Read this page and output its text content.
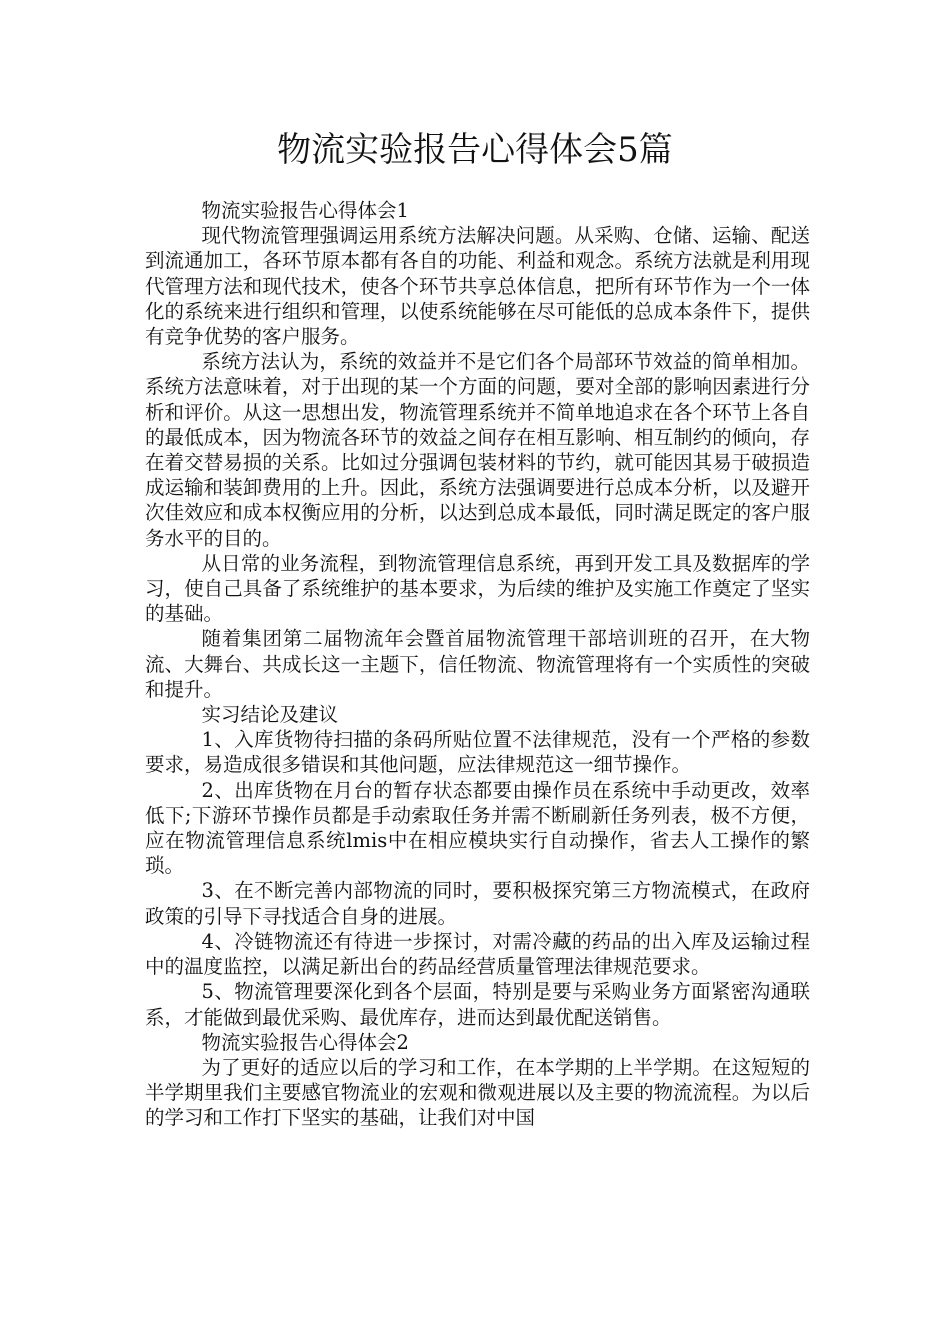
物流实验报告心得体会5篇

物流实验报告心得体会1

现代物流管理强调运用系统方法解决问题。从采购、仓储、运输、配送到流通加工，各环节原本都有各自的功能、利益和观念。系统方法就是利用现代管理方法和现代技术，使各个环节共享总体信息，把所有环节作为一个一体化的系统来进行组织和管理，以使系统能够在尽可能低的总成本条件下，提供有竞争优势的客户服务。

系统方法认为，系统的效益并不是它们各个局部环节效益的简单相加。系统方法意味着，对于出现的某一个方面的问题，要对全部的影响因素进行分析和评价。从这一思想出发，物流管理系统并不简单地追求在各个环节上各自的最低成本，因为物流各环节的效益之间存在相互影响、相互制约的倾向，存在着交替易损的关系。比如过分强调包装材料的节约，就可能因其易于破损造成运输和装卸费用的上升。因此，系统方法强调要进行总成本分析，以及避开次佳效应和成本权衡应用的分析，以达到总成本最低，同时满足既定的客户服务水平的目的。

从日常的业务流程，到物流管理信息系统，再到开发工具及数据库的学习，使自己具备了系统维护的基本要求，为后续的维护及实施工作奠定了坚实的基础。

随着集团第二届物流年会暨首届物流管理干部培训班的召开，在大物流、大舞台、共成长这一主题下，信任物流、物流管理将有一个实质性的突破和提升。

实习结论及建议

1、入库货物待扫描的条码所贴位置不法律规范，没有一个严格的参数要求，易造成很多错误和其他问题，应法律规范这一细节操作。

2、出库货物在月台的暂存状态都要由操作员在系统中手动更改，效率低下;下游环节操作员都是手动索取任务并需不断刷新任务列表，极不方便，应在物流管理信息系统lmis中在相应模块实行自动操作，省去人工操作的繁琐。

3、在不断完善内部物流的同时，要积极探究第三方物流模式，在政府政策的引导下寻找适合自身的进展。

4、冷链物流还有待进一步探讨，对需冷藏的药品的出入库及运输过程中的温度监控，以满足新出台的药品经营质量管理法律规范要求。

5、物流管理要深化到各个层面，特别是要与采购业务方面紧密沟通联系，才能做到最优采购、最优库存，进而达到最优配送销售。

物流实验报告心得体会2

为了更好的适应以后的学习和工作，在本学期的上半学期。在这短短的半学期里我们主要感官物流业的宏观和微观进展以及主要的物流流程。为以后的学习和工作打下坚实的基础，让我们对中国
